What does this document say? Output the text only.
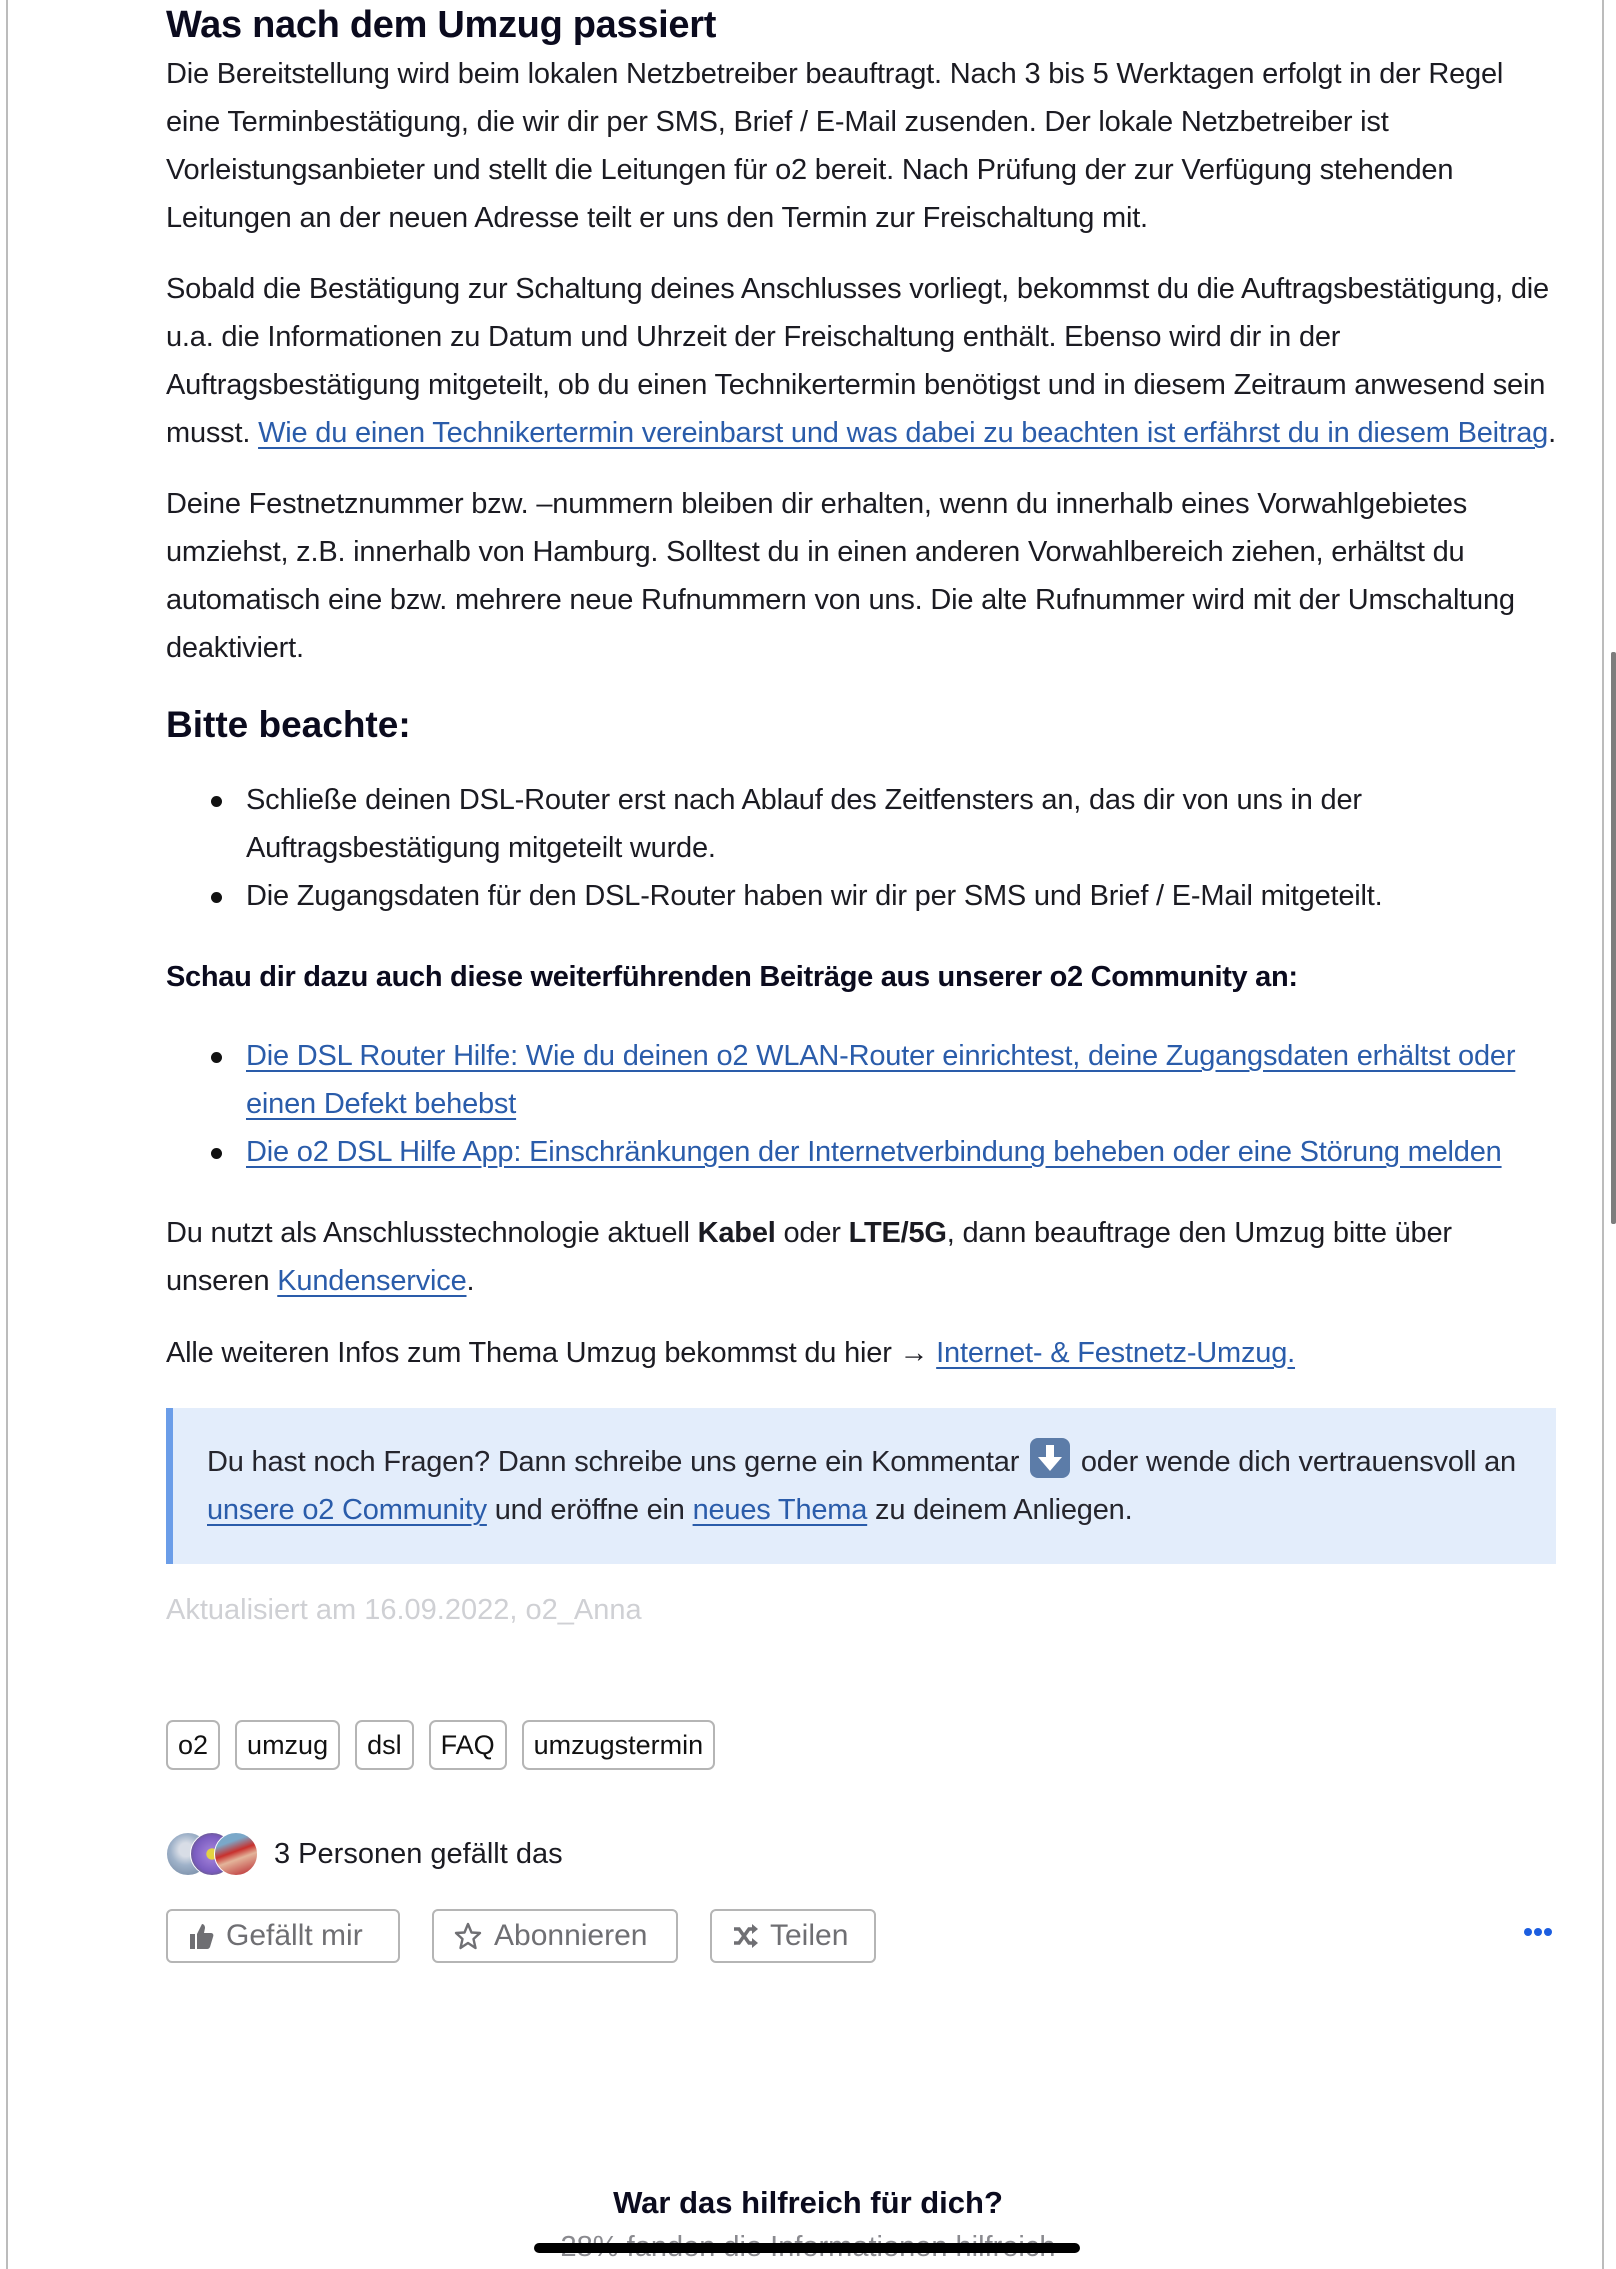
Was nach dem Umzug passiert

Die Bereitstellung wird beim lokalen Netzbetreiber beauftragt. Nach 3 bis 5 Werktagen erfolgt in der Regel eine Terminbestätigung, die wir dir per SMS, Brief / E-Mail zusenden. Der lokale Netzbetreiber ist Vorleistungsanbieter und stellt die Leitungen für o2 bereit. Nach Prüfung der zur Verfügung stehenden Leitungen an der neuen Adresse teilt er uns den Termin zur Freischaltung mit.

Sobald die Bestätigung zur Schaltung deines Anschlusses vorliegt, bekommst du die Auftragsbestätigung, die u.a. die Informationen zu Datum und Uhrzeit der Freischaltung enthält. Ebenso wird dir in der Auftragsbestätigung mitgeteilt, ob du einen Technikertermin benötigst und in diesem Zeitraum anwesend sein musst. Wie du einen Technikertermin vereinbarst und was dabei zu beachten ist erfährst du in diesem Beitrag.

Deine Festnetznummer bzw. –nummern bleiben dir erhalten, wenn du innerhalb eines Vorwahlgebietes umziehst, z.B. innerhalb von Hamburg. Solltest du in einen anderen Vorwahlbereich ziehen, erhältst du automatisch eine bzw. mehrere neue Rufnummern von uns. Die alte Rufnummer wird mit der Umschaltung deaktiviert.

Bitte beachte:
Schließe deinen DSL-Router erst nach Ablauf des Zeitfensters an, das dir von uns in der Auftragsbestätigung mitgeteilt wurde.
Die Zugangsdaten für den DSL-Router haben wir dir per SMS und Brief / E-Mail mitgeteilt.
Schau dir dazu auch diese weiterführenden Beiträge aus unserer o2 Community an:
Die DSL Router Hilfe: Wie du deinen o2 WLAN-Router einrichtest, deine Zugangsdaten erhältst oder einen Defekt behebst
Die o2 DSL Hilfe App: Einschränkungen der Internetverbindung beheben oder eine Störung melden

Du nutzt als Anschlusstechnologie aktuell Kabel oder LTE/5G, dann beauftrage den Umzug bitte über unseren Kundenservice.

Alle weiteren Infos zum Thema Umzug bekommst du hier → Internet- & Festnetz-Umzug.

Du hast noch Fragen? Dann schreibe uns gerne ein Kommentar
oder wende dich vertrauensvoll an unsere o2 Community und eröffne ein neues Thema zu deinem Anliegen.

Aktualisiert am 16.09.2022, o2_Anna
o2	umzug	dsl	FAQ	umzugstermin
3 Personen gefällt das
Gefällt mir	Abonnieren	Teilen
War das hilfreich für dich?
